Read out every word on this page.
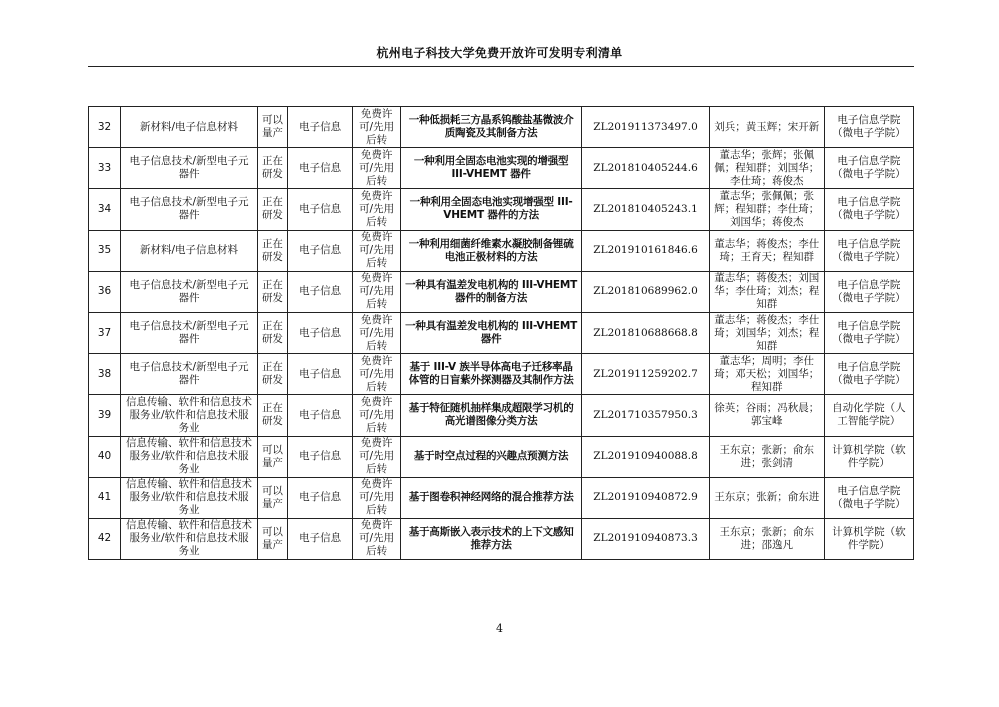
杭州电子科技大学免费开放许可发明专利清单
32	新材料/电子信息材料	可以量产	电子信息	免费许可/先用后转	一种低损耗三方晶系钨酸盐基微波介质陶瓷及其制备方法	ZL201911373497.0	刘兵；黄玉辉；宋开新	电子信息学院（微电子学院）
33	电子信息技术/新型电子元器件	正在研发	电子信息	免费许可/先用后转	一种利用全固态电池实现的增强型 III-VHEMT 器件	ZL201810405244.6	董志华；张辉；张佩佩；程知群；刘国华；李仕琦；蒋俊杰	电子信息学院（微电子学院）
34	电子信息技术/新型电子元器件	正在研发	电子信息	免费许可/先用后转	一种利用全固态电池实现增强型 III-VHEMT 器件的方法	ZL201810405243.1	董志华；张佩佩；张辉；程知群；李仕琦；刘国华；蒋俊杰	电子信息学院（微电子学院）
35	新材料/电子信息材料	正在研发	电子信息	免费许可/先用后转	一种利用细菌纤维素水凝胶制备锂硫电池正极材料的方法	ZL201910161846.6	董志华；蒋俊杰；李仕琦；王育天；程知群	电子信息学院（微电子学院）
36	电子信息技术/新型电子元器件	正在研发	电子信息	免费许可/先用后转	一种具有温差发电机构的 III-VHEMT 器件的制备方法	ZL201810689962.0	董志华；蒋俊杰；刘国华；李仕琦；刘杰；程知群	电子信息学院（微电子学院）
37	电子信息技术/新型电子元器件	正在研发	电子信息	免费许可/先用后转	一种具有温差发电机构的 III-VHEMT 器件	ZL201810688668.8	董志华；蒋俊杰；李仕琦；刘国华；刘杰；程知群	电子信息学院（微电子学院）
38	电子信息技术/新型电子元器件	正在研发	电子信息	免费许可/先用后转	基于 III-V 族半导体高电子迁移率晶体管的日盲紫外探测器及其制作方法	ZL201911259202.7	董志华；周明；李仕琦；邓天松；刘国华；程知群	电子信息学院（微电子学院）
39	信息传输、软件和信息技术服务业/软件和信息技术服务业	正在研发	电子信息	免费许可/先用后转	基于特征随机抽样集成超限学习机的高光谱图像分类方法	ZL201710357950.3	徐英；谷雨；冯秋晨；郭宝峰	自动化学院（人工智能学院）
40	信息传输、软件和信息技术服务业/软件和信息技术服务业	可以量产	电子信息	免费许可/先用后转	基于时空点过程的兴趣点预测方法	ZL201910940088.8	王东京；张新；俞东进；张剑清	计算机学院（软件学院）
41	信息传输、软件和信息技术服务业/软件和信息技术服务业	可以量产	电子信息	免费许可/先用后转	基于图卷积神经网络的混合推荐方法	ZL201910940872.9	王东京；张新；俞东进	电子信息学院（微电子学院）
42	信息传输、软件和信息技术服务业/软件和信息技术服务业	可以量产	电子信息	免费许可/先用后转	基于高斯嵌入表示技术的上下文感知推荐方法	ZL201910940873.3	王东京；张新；俞东进；邵逸凡	计算机学院（软件学院）
4
